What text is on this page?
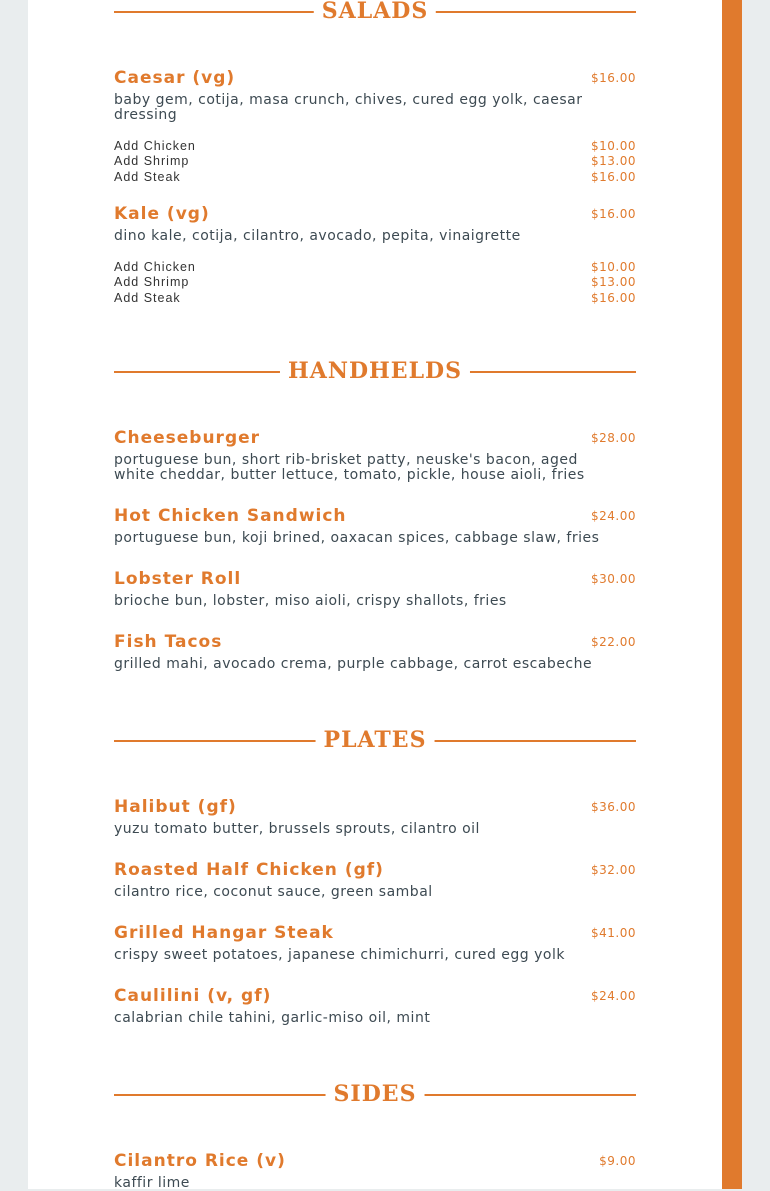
SALADS
Caesar (vg)	$16.00
baby gem, cotija, masa crunch, chives, cured egg yolk, caesar dressing
Add Chicken	$10.00
Add Shrimp	$13.00
Add Steak	$16.00
Kale (vg)	$16.00
dino kale, cotija, cilantro, avocado, pepita, vinaigrette
Add Chicken	$10.00
Add Shrimp	$13.00
Add Steak	$16.00
HANDHELDS
Cheeseburger	$28.00
portuguese bun, short rib-brisket patty, neuske's bacon, aged white cheddar, butter lettuce, tomato, pickle, house aioli, fries
Hot Chicken Sandwich	$24.00
portuguese bun, koji brined, oaxacan spices, cabbage slaw, fries
Lobster Roll	$30.00
brioche bun, lobster, miso aioli, crispy shallots, fries
Fish Tacos	$22.00
grilled mahi, avocado crema, purple cabbage, carrot escabeche
PLATES
Halibut (gf)	$36.00
yuzu tomato butter, brussels sprouts, cilantro oil
Roasted Half Chicken (gf)	$32.00
cilantro rice, coconut sauce, green sambal
Grilled Hangar Steak	$41.00
crispy sweet potatoes, japanese chimichurri, cured egg yolk
Caulilini (v, gf)	$24.00
calabrian chile tahini, garlic-miso oil, mint
SIDES
Cilantro Rice (v)	$9.00
kaffir lime
